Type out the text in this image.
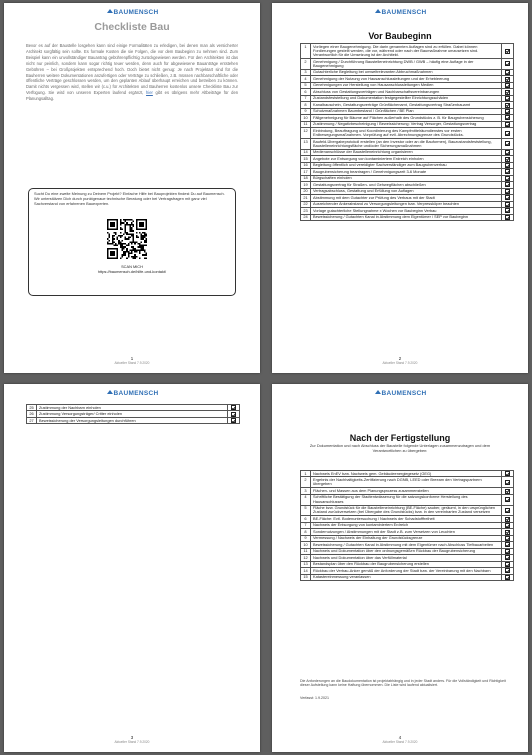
BAUMENSCH
Checkliste Bau
Bevor es auf der Baustelle losgehen kann sind einige Formalitäten zu erledigen, bei denen man als versicherter Architekt sorgfältig sein sollte. Es formale Kosten die sie Folgen, die vor dem Baubeginn zu nehmen sind. Zum Beispiel kann ein unvollständiger Bauantrag gebührenpflichtig zurückgewiesen werden. Für den Architekten ist das nicht nur peinlich, sondern kann sogar richtig teuer werden, denn auch für abgewiesene Bauanträge entstehen Gebühren – bei Großprojekten entsprechend hoch. Doch bietet nicht genug: Je nach Projektart sind für die Bauherren weitere Dokumentationen anzufertigen oder Verträge zu schließen, z.B. müssen nachbarschaftliche oder öffentliche Verträge geschlossen werden, um den geplanten Ablauf überhaupt erreichen und betreiben zu können. Damit nichts vergessen wird, stellen wir (c.u.) für Architekten und Bauherren kostenlos unsere Checkliste Bau zur Verfügung. Sie wird von unseren Experten laufend ergänzt, hier gibt es übrigens mehr Altbeiträge für den Planungsalltag.
Sucht Du eine zweite Meinung zu Deinem Projekt? Einfache Hilfe bei Bauprojekten findest Du auf Baumensch. Wir unterstützen Dich durch punktgenaue technische Beratung oder bei Vertragsfragen mit ganz viel Sachverstand von erfahrenen Bauexperten.
SCAN MICH
https://baumensch.de/hilfe-und-kontakt/
1
Aktueller Stand 7.9.2020
BAUMENSCH
Vor Baubeginn
1	Vorliegen einer Baugenehmigung. Die darin genannten Auflagen sind zu erfüllen. Dabei können Fordierungen gestellt werden, die vor, während oder nach der Baumaßnahme umzusetzen sind. Verantwortlich für die Umsetzung ist der Architekt.	
2	Genehmigung / Durchführung Baustelleneinrichtung DWB / GWB – häufig eine Auflage in der Baugenehmigung	
3	Gutachterliche Begleitung bei umweltrelevanten Abbruchmaßnahmen	
4	Genehmigung der Nutzung von Hausanschlussleitungen und der Erhebleerung	
5	Genehmigungen zur Herstellung von Hausanschlussleitungen Medien	
6	Abschluss von Gestattungsverträgen und Nachbarschaftsvereinbarungen	
7	Zustandsfeststellung und Dokumentation festgegestellter Einrichtungsschäden	
8	Kanalbauschein, Gestattungsverträge Grünflächenamt, Gestattungsvertrag Straßenbauamt	
9	Schutzmaßnahmen Baumbestand / Grünflächen / BE Plan	
10	Fällgenehmigung für Bäume auf Flächen außerhalb des Grundstücks z. B. für Baugrubensicherung	
11	Zustimmung / Negativbescheinigung / Beweissicherung: Vertrag Versorger, Gestattungsvertrag	
12	Einbindung, Beauftragung und Koordinierung des Kampfmittelräumdienstes vor ersten Erdbewegungsmaßnahmen. Vorprüfung auf evtl. Abrechnungsgrenze des Grundstücks.	
13	Baufeld-Übergabeprotokoll erstellen (an den Investor oder an die Bauformen), Bauzustandsfeststellung, Baustelleneinrichtungsfläche und/oder Sicherungsmaßnahmen	
14	Medienanschlüsse der Baustelleneinrichtung organisieren	
15	Angebote zur Entsorgung von kontaminiertem Erdreich einholen	
16	Begleitung öffentlich und vereidigter Sachverständiger zum Baugrubenverbau	
17	Baugrubensicherung beantragen / Genehmigungszeit 3-6 Monate	
18	Bürgschaften einholen	
19	Gestattungsvertrag für Straßen- und Gehwegflächen abschließen	
20	Vertragsabschluss, Gestattung und Erfüllung von Auflagen	
21	Abstimmung mit dem Gutachter zur Prüfung des Verbaus mit der Stadt	
22	Ausreichender Ankerabstand zu Versorgungsleitungen bzw. Verpressköper beachten	
23	Vorlage gutachterliche Stellungnahme x Wochen vor Baubeginn Verbau	
24	Beweissicherung / Gutachten Kanal in Abstimmung dem Eigentümer / SEP vor Baubeginn	
2
Aktueller Stand 7.9.2020
BAUMENSCH
25	Zustimmung der Nachbarn einholen	
26	Zustimmung Versorgungsträger/ Critter einholen	
27	Beweissicherung der Versorgungsleitungen durchführen	
3
Aktueller Stand 7.9.2020
BAUMENSCH
Nach der Fertigstellung
Zur Dokumentation und nach Abschluss der Baustelle folgende Unterlagen zusammenzutragen und dem Verantwortlichen zu übergeben:
1	Nachweis EnEV bzw. Nachweis gem. Gebäudeenergiegesetz (GEG)	
2	Ergebnis der Nachhaltigkeits-Zertifizierung nach DGNB, LEED oder Breeam den Vertragspartnern übergeben	
3	Flächen- und Massen aus dem Planungsprozess zusammenstellen	
4	Schriftliche Bestätigung der Stadtentwässerung für die satzungskonforme Herstellung des Hausanschlusses	
5	Fläche bzw. Grundstück für die Baustelleneinrichtung (BE-Fläche) sauber, geräumt, in den ursprünglichen Zustand zurückversetzen (bei Übergabe des Grundstücks) bzw. in den vereinbarten Zustand versetzen	
6	BE-Fläche: Evtl. Bodenuntersuchung / Nachweis der Schadstofffreiheit	
7	Nachweis der Entsorgung von kontaminiertem Erdreich	
8	Sondernutzungen / Abstimmungen mit der Stadt z.B. zum Versetzen von Leuchten	
9	Vermessung / Nachweis der Einhaltung der Grundstücksgrenze	
10	Beweissicherung / Gutachten Kanal in Abstimmung mit dem Eigentümer nach Abschluss Tiefbauarbeiten	
11	Nachweis und Dokumentation über den ordnungsgemäßen Rückbau der Baugrubensicherung	
12	Nachweis und Dokumentation über das Verfüllmaterial	
13	Bestandsplan über den Rückbau der Baugrubensicherung erstellen	
14	Rückbau der Verbau-Anker gemäß der Anforderung der Stadt bzw. der Vereinbarung mit den Nachbarn	
15	Katastereinmessung veranlassen	
Die Anforderungen an die Baudokumentation ist projektabhängig und in jeder Stadt anders. Für die Vollständigkeit und Richtigkeit dieser Aufstellung kann keine Haftung übernommen. Die Liste wird laufend aktualisiert.
Verfasst: 1.9.2021
4
Aktueller Stand 7.9.2020
